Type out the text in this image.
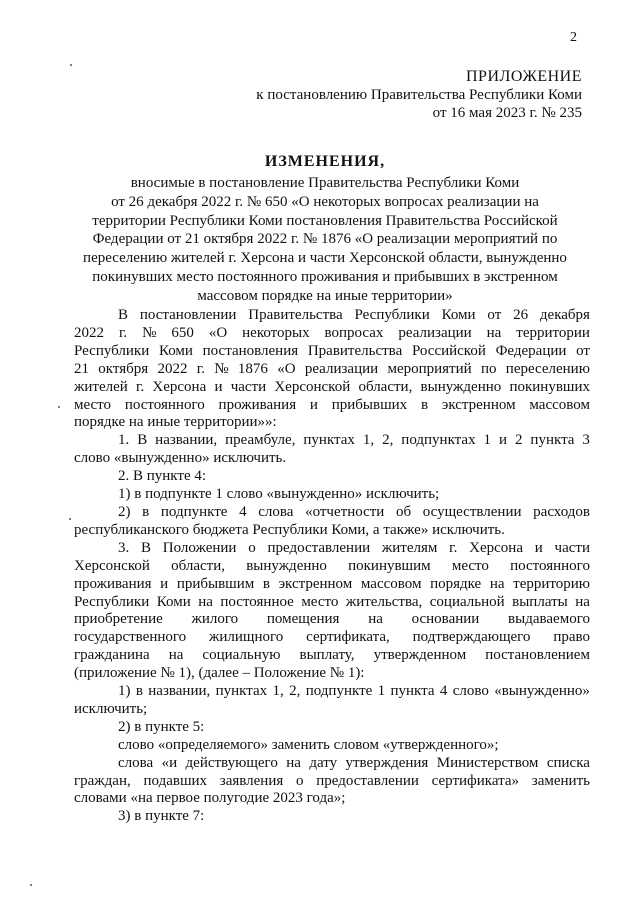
2
ПРИЛОЖЕНИЕ
к постановлению Правительства Республики Коми
от 16 мая 2023 г. № 235
ИЗМЕНЕНИЯ,
вносимые в постановление Правительства Республики Коми
от 26 декабря 2022 г. № 650 «О некоторых вопросах реализации на
территории Республики Коми постановления Правительства Российской
Федерации от 21 октября 2022 г. № 1876 «О реализации мероприятий по
переселению жителей г. Херсона и части Херсонской области, вынужденно
покинувших место постоянного проживания и прибывших в экстренном
массовом порядке на иные территории»
В постановлении Правительства Республики Коми от 26 декабря
2022 г. № 650 «О некоторых вопросах реализации на территории
Республики Коми постановления Правительства Российской Федерации от
21 октября 2022 г. № 1876 «О реализации мероприятий по переселению
жителей г. Херсона и части Херсонской области, вынужденно покинувших
место постоянного проживания и прибывших в экстренном массовом
порядке на иные территории»»:
1. В названии, преамбуле, пунктах 1, 2, подпунктах 1 и 2 пункта 3
слово «вынужденно» исключить.
2. В пункте 4:
1) в подпункте 1 слово «вынужденно» исключить;
2) в подпункте 4 слова «отчетности об осуществлении расходов
республиканского бюджета Республики Коми, а также» исключить.
3. В Положении о предоставлении жителям г. Херсона и части
Херсонской области, вынужденно покинувшим место постоянного
проживания и прибывшим в экстренном массовом порядке на территорию
Республики Коми на постоянное место жительства, социальной выплаты на
приобретение жилого помещения на основании выдаваемого
государственного жилищного сертификата, подтверждающего право
гражданина на социальную выплату, утвержденном постановлением
(приложение № 1), (далее – Положение № 1):
1) в названии, пунктах 1, 2, подпункте 1 пункта 4 слово «вынужденно»
исключить;
2) в пункте 5:
слово «определяемого» заменить словом «утвержденного»;
слова «и действующего на дату утверждения Министерством списка
граждан, подавших заявления о предоставлении сертификата» заменить
словами «на первое полугодие 2023 года»;
3) в пункте 7:
